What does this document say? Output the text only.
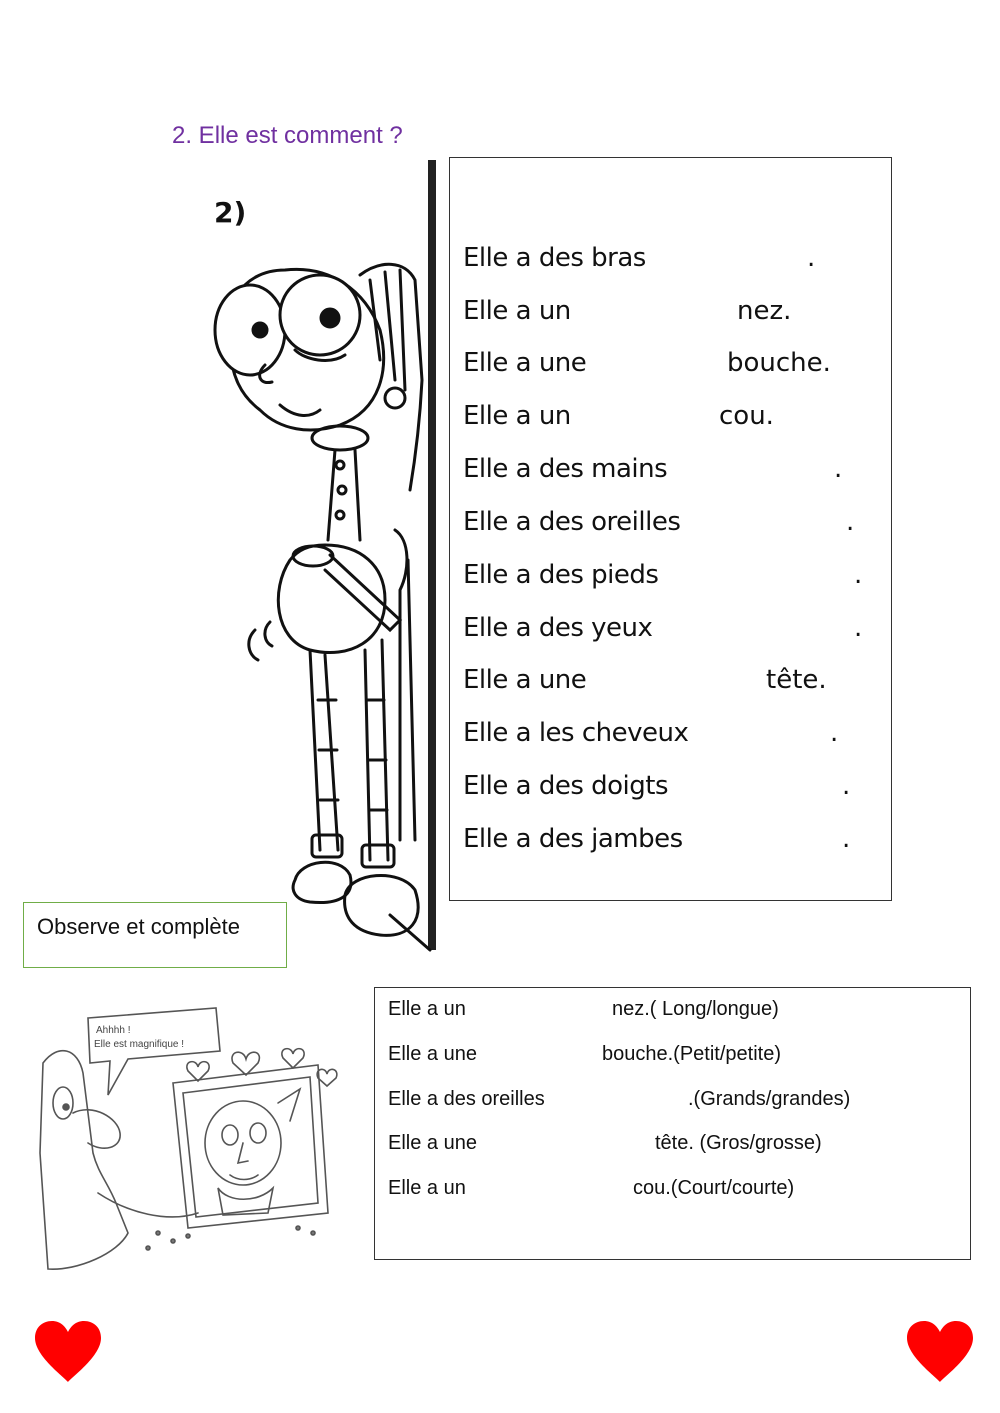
2. Elle est comment ?
2)
Elle a des bras	.
Elle a un	nez.
Elle a une	bouche.
Elle a un	cou.
Elle a des mains	.
Elle a des oreilles	.
Elle a des pieds	.
Elle a des yeux	.
Elle a une	tête.
Elle a les cheveux	.
Elle a des doigts	.
Elle a des jambes	.
Observe et complète
Ahhhh !
Elle est magnifique !
Elle a un	nez.( Long/longue)
Elle a une	bouche.(Petit/petite)
Elle a des oreilles	.(Grands/grandes)
Elle a une	tête. (Gros/grosse)
Elle a un	cou.(Court/courte)
